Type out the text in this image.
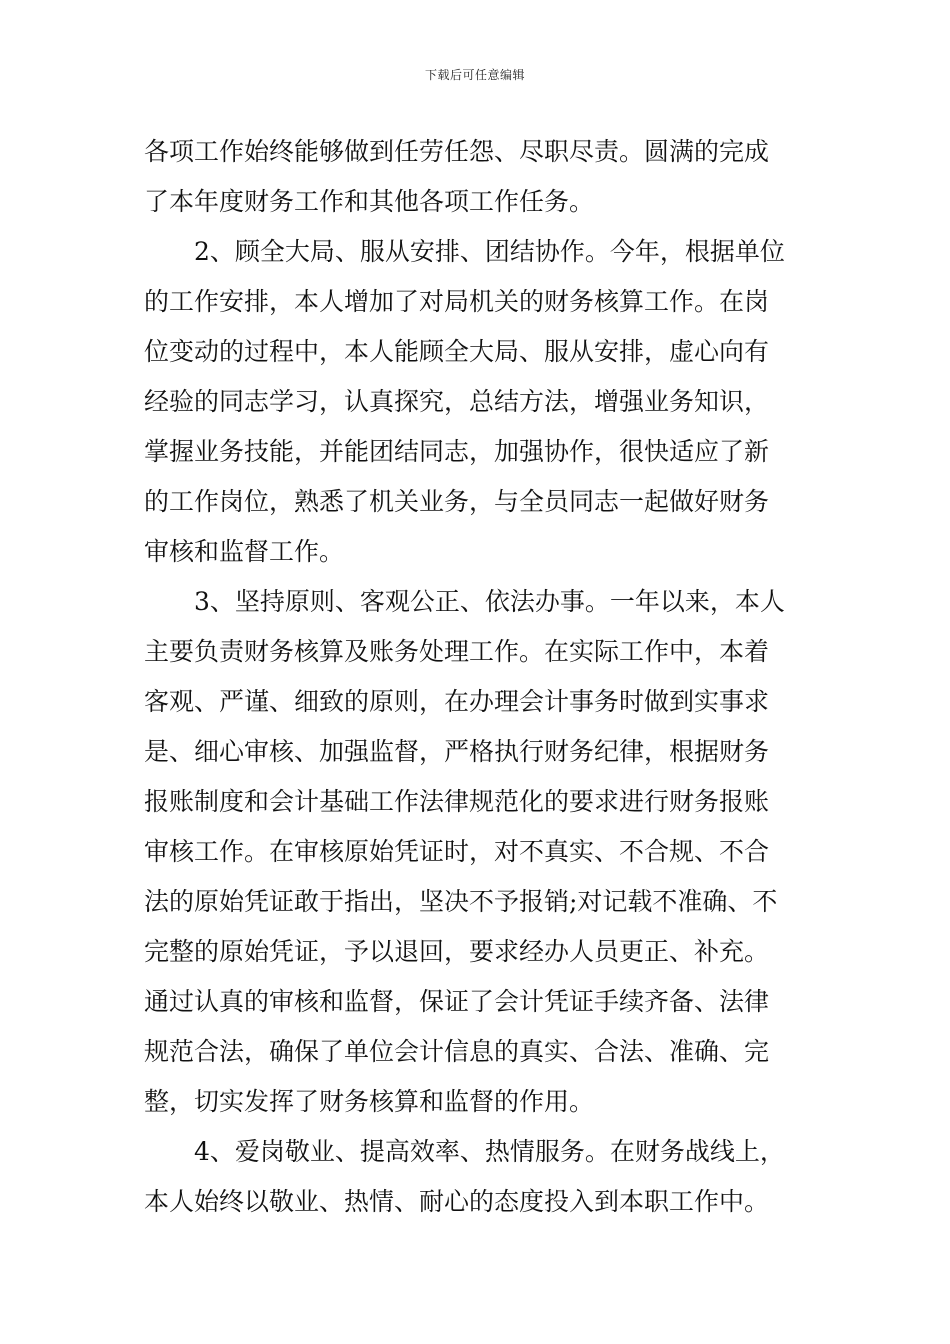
下载后可任意编辑
各项工作始终能够做到任劳任怨、尽职尽责。圆满的完成
了本年度财务工作和其他各项工作任务。
2、顾全大局、服从安排、团结协作。今年，根据单位
的工作安排，本人增加了对局机关的财务核算工作。在岗
位变动的过程中，本人能顾全大局、服从安排，虚心向有
经验的同志学习，认真探究，总结方法，增强业务知识，
掌握业务技能，并能团结同志，加强协作，很快适应了新
的工作岗位，熟悉了机关业务，与全员同志一起做好财务
审核和监督工作。
3、坚持原则、客观公正、依法办事。一年以来，本人
主要负责财务核算及账务处理工作。在实际工作中，本着
客观、严谨、细致的原则，在办理会计事务时做到实事求
是、细心审核、加强监督，严格执行财务纪律，根据财务
报账制度和会计基础工作法律规范化的要求进行财务报账
审核工作。在审核原始凭证时，对不真实、不合规、不合
法的原始凭证敢于指出，坚决不予报销;对记载不准确、不
完整的原始凭证，予以退回，要求经办人员更正、补充。
通过认真的审核和监督，保证了会计凭证手续齐备、法律
规范合法，确保了单位会计信息的真实、合法、准确、完
整，切实发挥了财务核算和监督的作用。
4、爱岗敬业、提高效率、热情服务。在财务战线上，
本人始终以敬业、热情、耐心的态度投入到本职工作中。
